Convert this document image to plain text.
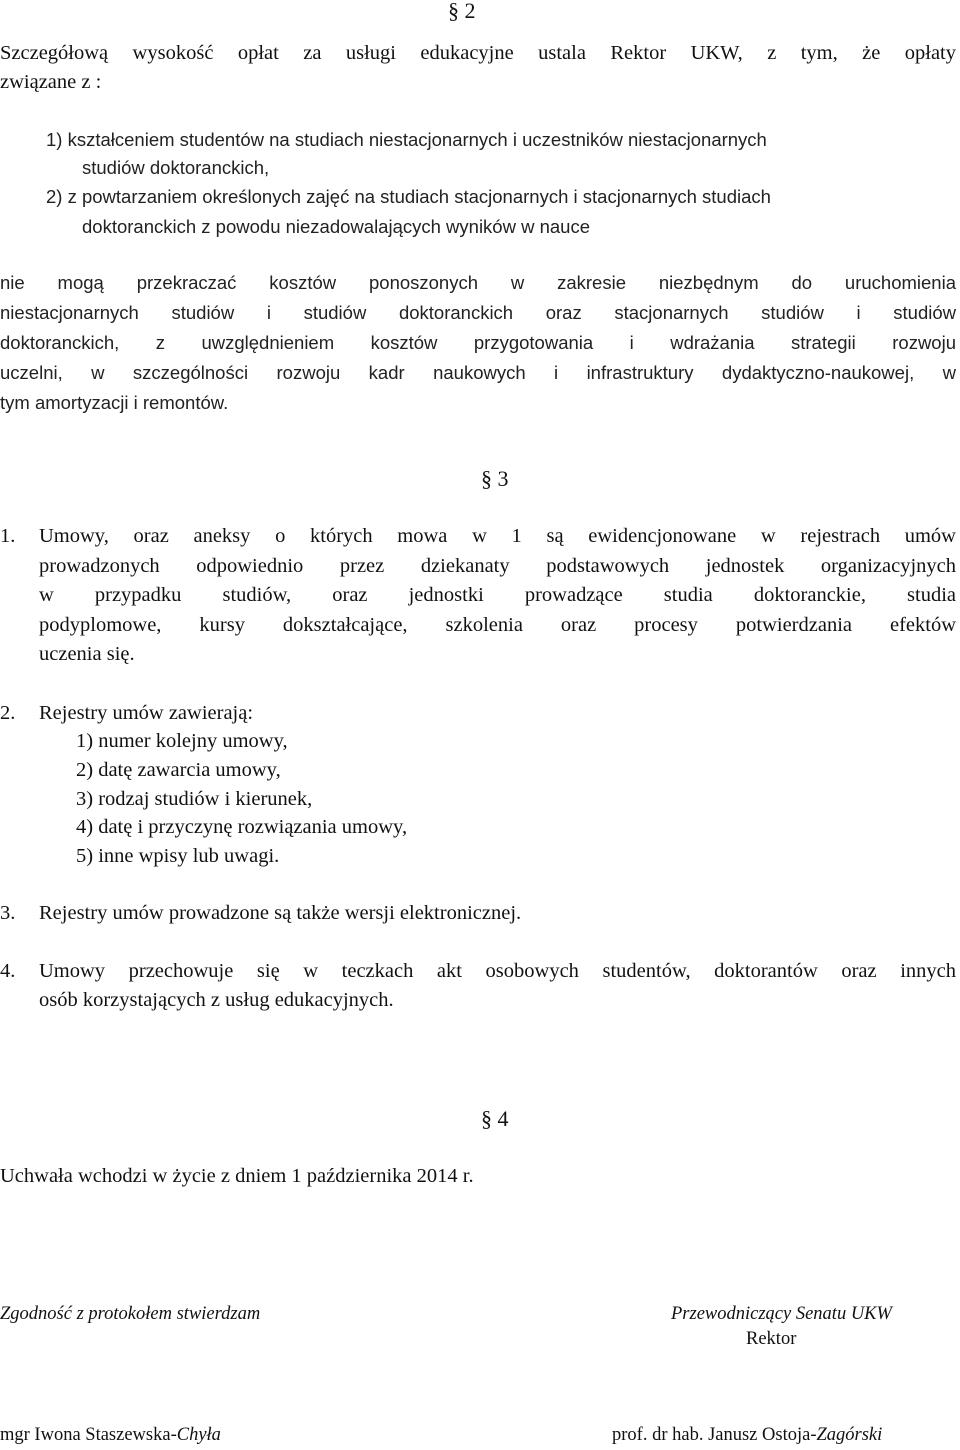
§ 2
Szczegółową wysokość opłat za usługi edukacyjne ustala Rektor UKW, z tym, że opłaty
związane z :
1) kształceniem studentów na studiach niestacjonarnych i uczestników niestacjonarnych
studiów doktoranckich,
2) z powtarzaniem określonych zajęć na studiach stacjonarnych i stacjonarnych studiach
doktoranckich z powodu niezadowalających wyników w nauce
nie mogą przekraczać kosztów ponoszonych w zakresie niezbędnym do uruchomienia
niestacjonarnych studiów i studiów doktoranckich oraz stacjonarnych studiów i studiów
doktoranckich, z uwzględnieniem kosztów przygotowania i wdrażania strategii rozwoju
uczelni, w szczególności rozwoju kadr naukowych i infrastruktury dydaktyczno-naukowej, w
tym amortyzacji i remontów.
§ 3
1. Umowy, oraz aneksy o których mowa w 1 są ewidencjonowane w rejestrach umów
prowadzonych odpowiednio przez dziekanaty podstawowych jednostek organizacyjnych
w przypadku studiów, oraz jednostki prowadzące studia doktoranckie, studia
podyplomowe, kursy dokształcające, szkolenia oraz procesy potwierdzania efektów
uczenia się.
2. Rejestry umów zawierają:
1) numer kolejny umowy,
2) datę zawarcia umowy,
3) rodzaj studiów i kierunek,
4) datę i przyczynę rozwiązania umowy,
5) inne wpisy lub uwagi.
3. Rejestry umów prowadzone są także wersji elektronicznej.
4. Umowy przechowuje się w teczkach akt osobowych studentów, doktorantów oraz innych
osób korzystających z usług edukacyjnych.
§ 4
Uchwała wchodzi w życie z dniem 1 października 2014 r.
Zgodność z protokołem stwierdzam	Przewodniczący Senatu UKW
Rektor
mgr Iwona Staszewska-Chyła	prof. dr hab. Janusz Ostoja-Zagórski
